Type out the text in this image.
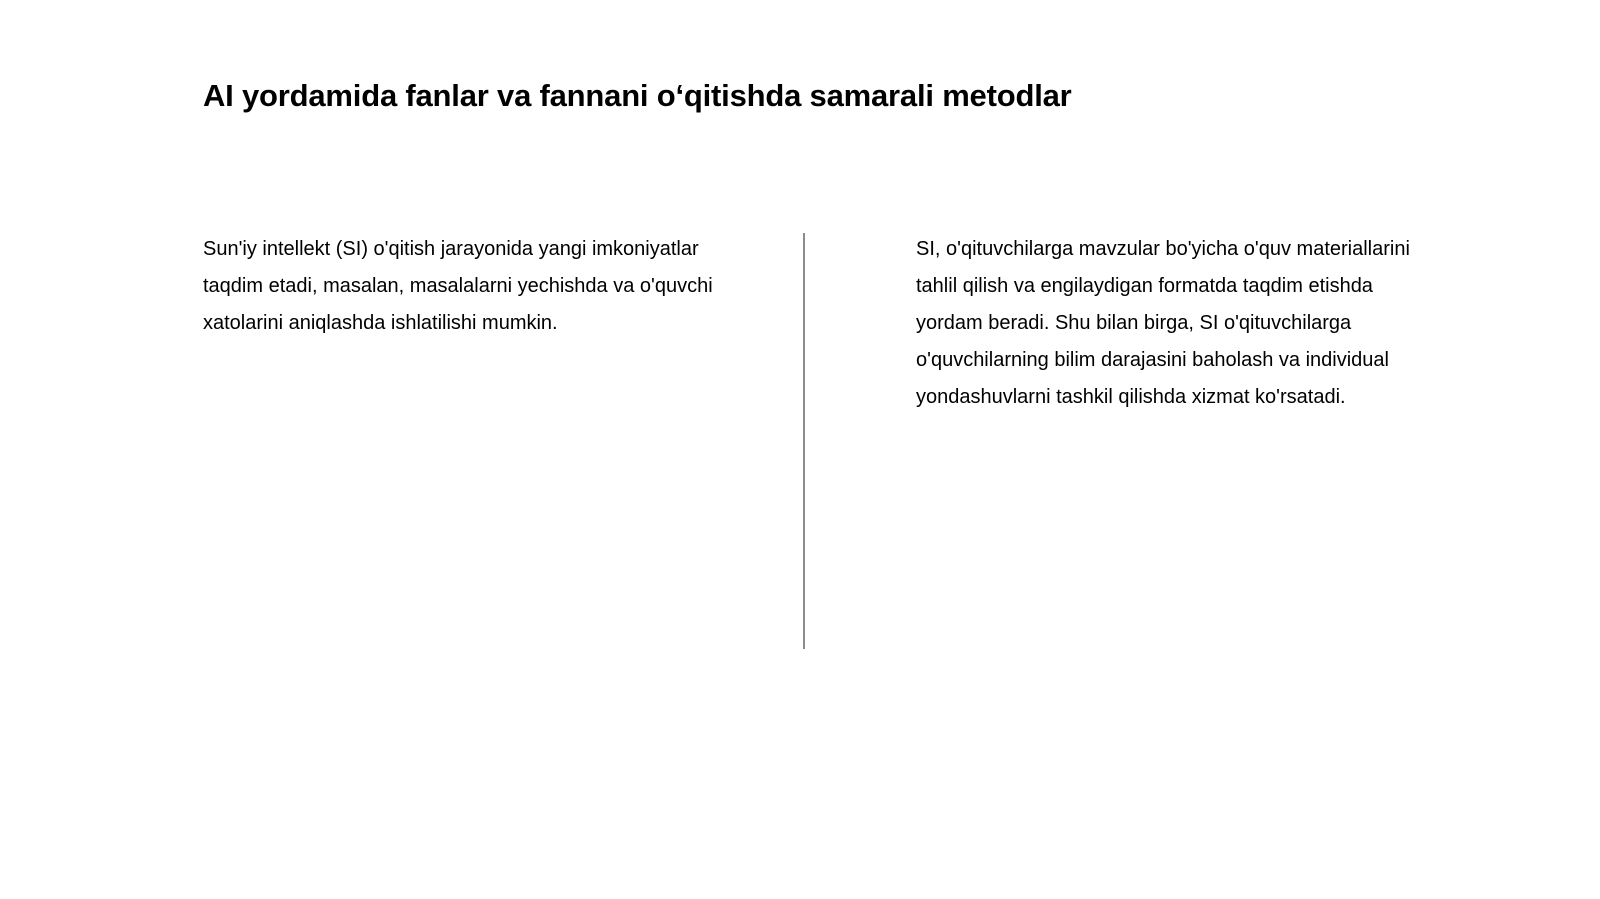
AI yordamida fanlar va fannani o‘qitishda samarali metodlar

Sun'iy intellekt (SI) o'qitish jarayonida yangi imkoniyatlar taqdim etadi, masalan, masalalarni yechishda va o'quvchi xatolarini aniqlashda ishlatilishi mumkin.

SI, o'qituvchilarga mavzular bo'yicha o'quv materiallarini tahlil qilish va engilaydigan formatda taqdim etishda yordam beradi. Shu bilan birga, SI o'qituvchilarga o'quvchilarning bilim darajasini baholash va individual yondashuvlarni tashkil qilishda xizmat ko'rsatadi.
